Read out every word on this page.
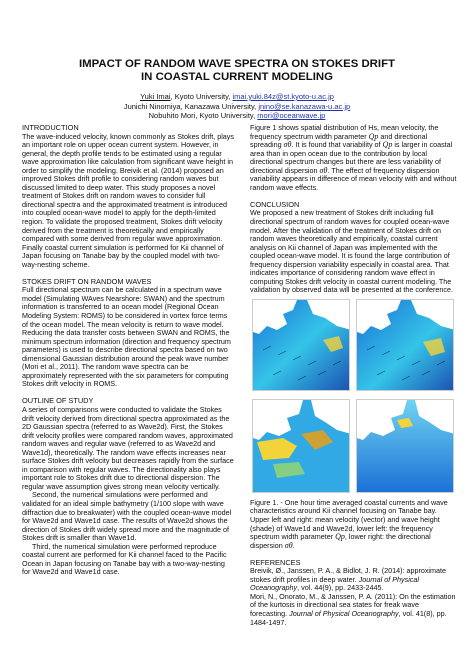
IMPACT OF RANDOM WAVE SPECTRA ON STOKES DRIFT
IN COASTAL CURRENT MODELING
Yuki Imai, Kyoto University, imai.yuki.84z@st.kyoto-u.ac.jp
Junichi Ninomiya, Kanazawa University, jnino@se.kanazawa-u.ac.jp
Nobuhito Mori, Kyoto University, mori@oceanwave.jp

INTRODUCTION

The wave-induced velocity, known commonly as Stokes drift, plays an important role on upper ocean current system. However, in general, the depth profile tends to be estimated using a regular wave approximation like calculation from significant wave height in order to simplify the modeling. Breivik et al. (2014) proposed an improved Stokes drift profile to considering random waves but discussed limited to deep water. This study proposes a novel treatment of Stokes drift on random waves to consider full directional spectra and the approximated treatment is introduced into coupled ocean-wave model to apply for the depth-limited region. To validate the proposed treatment, Stokes drift velocity derived from the treatment is theoretically and empirically compared with some derived from regular wave approximation. Finally coastal current simulation is performed for Kii channel of Japan focusing on Tanabe bay by the coupled model with two-way-nesting scheme.

STOKES DRIFT ON RANDOM WAVES

Full directional spectrum can be calculated in a spectrum wave model (Simulating WAves Nearshore: SWAN) and the spectrum information is transferred to an ocean model (Regional Ocean Modeling System: ROMS) to be considered in vortex force terms of the ocean model. The mean velocity is return to wave model. Reducing the data transfer costs between SWAN and ROMS, the minimum spectrum information (direction and frequency spectrum parameters) is used to describe directional spectra based on two dimensional Gaussian distribution around the peak wave number (Mori et al., 2011). The random wave spectra can be approximately represented with the six parameters for computing Stokes drift velocity in ROMS.

OUTLINE OF STUDY

A series of comparisons were conducted to validate the Stokes drift velocity derived from directional spectra approximated as the 2D Gaussian spectra (referred to as Wave2d). First, the Stokes drift velocity profiles were compared random waves, approximated random waves and regular wave (referred to as Wave2d and Wave1d), theoretically. The random wave effects increases near surface Stokes drift velocity but decreases rapidly from the surface in comparison with regular waves. The directionality also plays important role to Stokes drift due to directional dispersion. The regular wave assumption gives strong mean velocity vertically.

Second, the numerical simulations were performed and validated for an ideal simple bathymetry (1/100 slope with wave diffraction due to breakwater) with the coupled ocean-wave model for Wave2d and Wave1d case. The results of Wave2d shows the direction of Stokes drift widely spread more and the magnitude of Stokes drift is smaller than Wave1d.

Third, the numerical simulation were performed reproduce coastal current are performed for Kii channel faced to the Pacific Ocean in Japan focusing on Tanabe bay with a two-way-nesting for Wave2d and Wave1d case.

Figure 1 shows spatial distribution of Hs, mean velocity, the frequency spectrum width parameter Qp and directional spreading σθ. It is found that variability of Qp is larger in coastal area than in open ocean due to the contribution by local directional spectrum changes but there are less variability of directional dispersion σθ. The effect of frequency dispersion variability appears in difference of mean velocity with and without random wave effects.

CONCLUSION

We proposed a new treatment of Stokes drift including full directional spectrum of random waves for coupled ocean-wave model. After the validation of the treatment of Stokes drift on random waves theoretically and empirically, coastal current analysis on Kii channel of Japan was implemented with the coupled ocean-wave model. It is found the large contribution of frequency dispersion variability especially in coastal area. That indicates importance of considering random wave effect in computing Stokes drift velocity in coastal current modeling. The validation by observed data will be presented at the conference.

Figure 1. - One hour time averaged coastal currents and wave characteristics around Kii channel focusing on Tanabe bay. Upper left and right: mean velocity (vector) and wave height (shade) of Wave1d and Wave2d, lower left: the frequency spectrum width parameter Qp, lower right: the directional dispersion σθ.

REFERENCES

Breivik, Ø., Janssen, P. A., & Bidlot, J. R. (2014): approximate stokes drift profiles in deep water. Journal of Physical Oceanography, vol. 44(9), pp. 2433-2445.

Mori, N., Onorato, M., & Janssen, P. A. (2011): On the estimation of the kurtosis in directional sea states for freak wave forecasting. Journal of Physical Oceanography, vol. 41(8), pp. 1484-1497.
